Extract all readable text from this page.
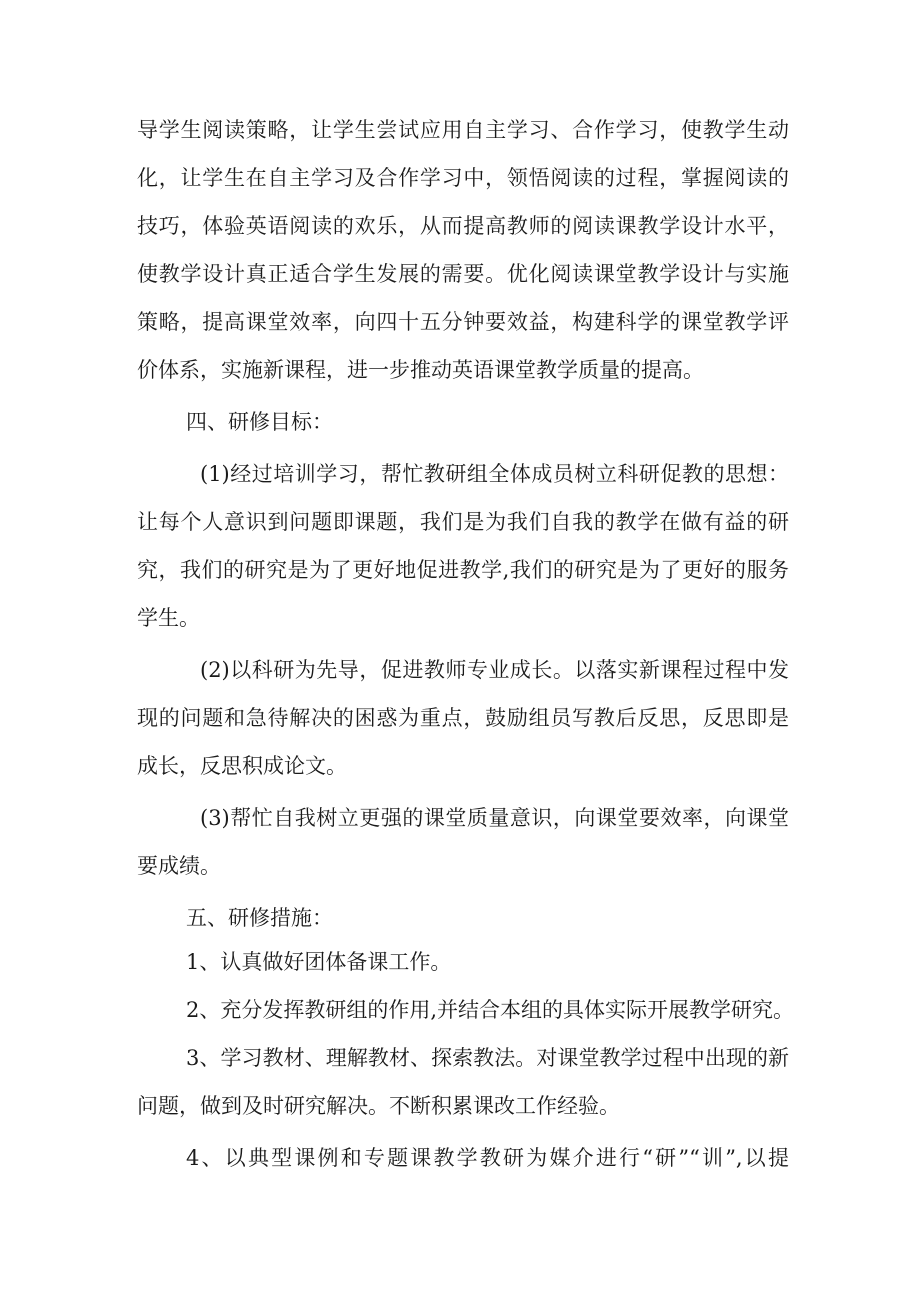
导学生阅读策略，让学生尝试应用自主学习、合作学习，使教学生动

化，让学生在自主学习及合作学习中，领悟阅读的过程，掌握阅读的

技巧，体验英语阅读的欢乐，从而提高教师的阅读课教学设计水平，

使教学设计真正适合学生发展的需要。优化阅读课堂教学设计与实施

策略，提高课堂效率，向四十五分钟要效益，构建科学的课堂教学评

价体系，实施新课程，进一步推动英语课堂教学质量的提高。

四、研修目标：

(1)经过培训学习，帮忙教研组全体成员树立科研促教的思想：

让每个人意识到问题即课题，我们是为我们自我的教学在做有益的研

究，我们的研究是为了更好地促进教学,我们的研究是为了更好的服务

学生。

(2)以科研为先导，促进教师专业成长。以落实新课程过程中发

现的问题和急待解决的困惑为重点，鼓励组员写教后反思，反思即是

成长，反思积成论文。

(3)帮忙自我树立更强的课堂质量意识，向课堂要效率，向课堂

要成绩。

五、研修措施：

1、认真做好团体备课工作。

2、充分发挥教研组的作用,并结合本组的具体实际开展教学研究。

3、学习教材、理解教材、探索教法。对课堂教学过程中出现的新

问题，做到及时研究解决。不断积累课改工作经验。

4、以典型课例和专题课教学教研为媒介进行“研”“训”,以提
